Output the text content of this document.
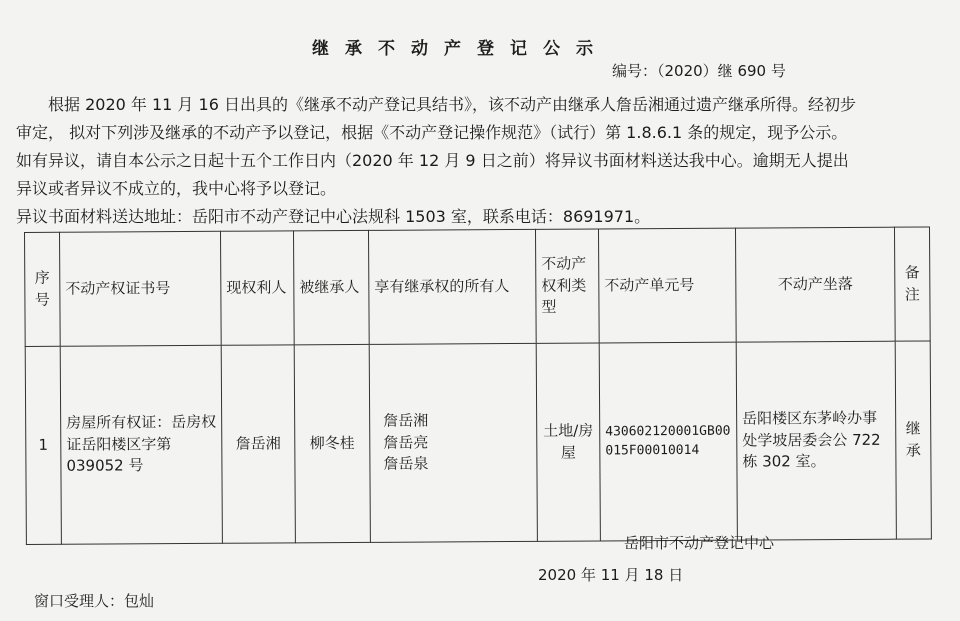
继承不动产登记公示
编号：（2020）继 690 号
根据 2020 年 11 月 16 日出具的《继承不动产登记具结书》，该不动产由继承人詹岳湘通过遗产继承所得。经初步
审定， 拟对下列涉及继承的不动产予以登记，根据《不动产登记操作规范》（试行）第 1.8.6.1 条的规定，现予公示。
如有异议，请自本公示之日起十五个工作日内（2020 年 12 月 9 日之前）将异议书面材料送达我中心。逾期无人提出
异议或者异议不成立的，我中心将予以登记。
异议书面材料送达地址：岳阳市不动产登记中心法规科 1503 室，联系电话：8691971。
序号	不动产权证书号	现权利人	被继承人	享有继承权的所有人	不动产权利类型	不动产单元号	不动产坐落	备注
1	房屋所有权证：岳房权证岳阳楼区字第 039052 号	詹岳湘	柳冬桂	詹岳湘
詹岳亮
詹岳泉	土地/房屋	430602120001GB00015F00010014	岳阳楼区东茅岭办事处学坡居委会公 722 栋 302 室。	继承
岳阳市不动产登记中心
2020 年 11 月 18 日
窗口受理人：包灿
